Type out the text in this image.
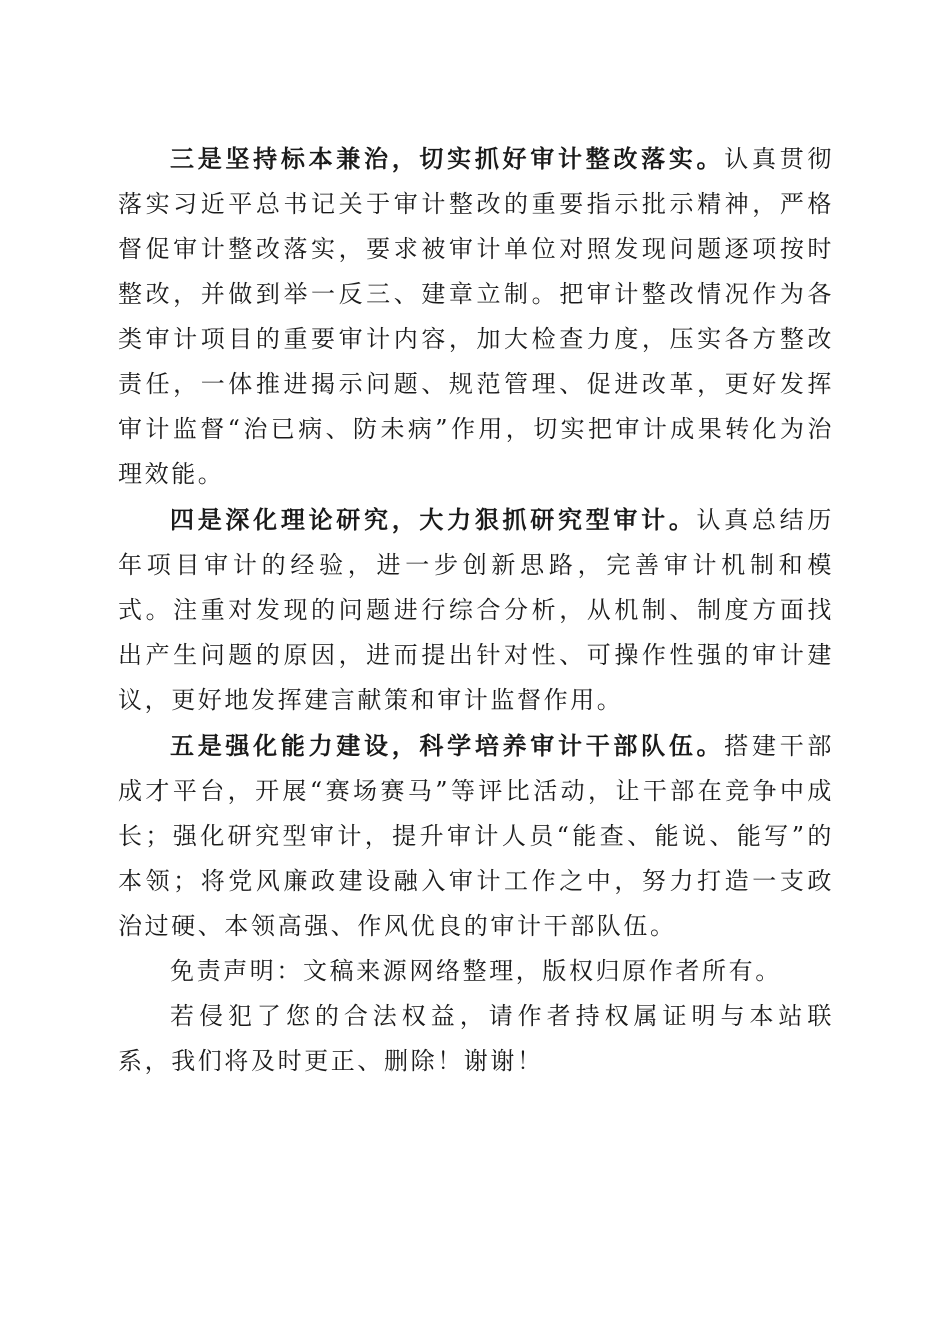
三是坚持标本兼治，切实抓好审计整改落实。认真贯彻落实习近平总书记关于审计整改的重要指示批示精神，严格督促审计整改落实，要求被审计单位对照发现问题逐项按时整改，并做到举一反三、建章立制。把审计整改情况作为各类审计项目的重要审计内容，加大检查力度，压实各方整改责任，一体推进揭示问题、规范管理、促进改革，更好发挥审计监督“治已病、防未病”作用，切实把审计成果转化为治理效能。

四是深化理论研究，大力狠抓研究型审计。认真总结历年项目审计的经验，进一步创新思路，完善审计机制和模式。注重对发现的问题进行综合分析，从机制、制度方面找出产生问题的原因，进而提出针对性、可操作性强的审计建议，更好地发挥建言献策和审计监督作用。

五是强化能力建设，科学培养审计干部队伍。搭建干部成才平台，开展“赛场赛马”等评比活动，让干部在竞争中成长；强化研究型审计，提升审计人员“能查、能说、能写”的本领；将党风廉政建设融入审计工作之中，努力打造一支政治过硬、本领高强、作风优良的审计干部队伍。

免责声明：文稿来源网络整理，版权归原作者所有。

若侵犯了您的合法权益，请作者持权属证明与本站联系，我们将及时更正、删除！谢谢！
